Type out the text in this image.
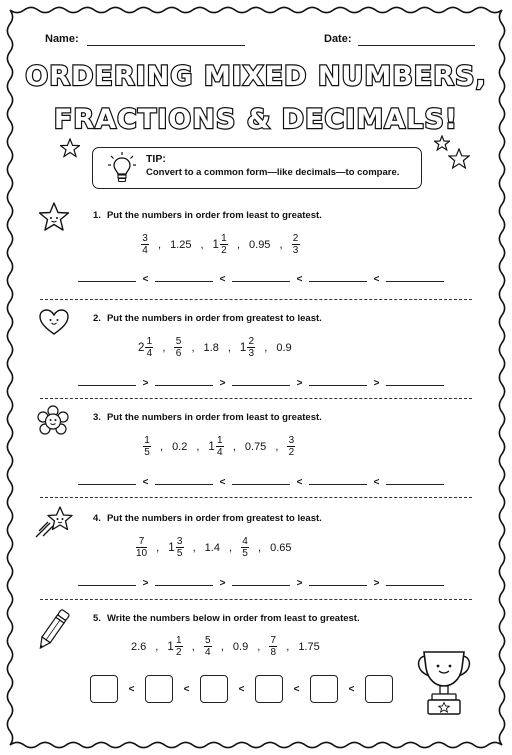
Name:	Date:
ORDERING MIXED NUMBERS,
FRACTIONS & DECIMALS!
TIP:
Convert to a common form—like decimals—to compare.
1. Put the numbers in order from least to greatest.
$\frac{3}{4}$ , 1.25 , $1 \frac{1}{2}$ , 0.95 , $\frac{2}{3}$
<	<	<	<
2. Put the numbers in order from greatest to least.
$2 \frac{1}{4}$ , $\frac{5}{6}$ , 1.8 , $1 \frac{2}{3}$ , 0.9
>	>	>	>
3. Put the numbers in order from least to greatest.
$\frac{1}{5}$ , 0.2 , $1 \frac{1}{4}$ , 0.75 , $\frac{3}{2}$
<	<	<	<
4. Put the numbers in order from greatest to least.
$\frac{7}{10}$ , $1 \frac{3}{5}$ , 1.4 , $\frac{4}{5}$ , 0.65
>	>	>	>
5. Write the numbers below in order from least to greatest.
2.6 , $1 \frac{1}{2}$ , $\frac{5}{4}$ , 0.9 , $\frac{7}{8}$ , 1.75
<	<	<	<	<
